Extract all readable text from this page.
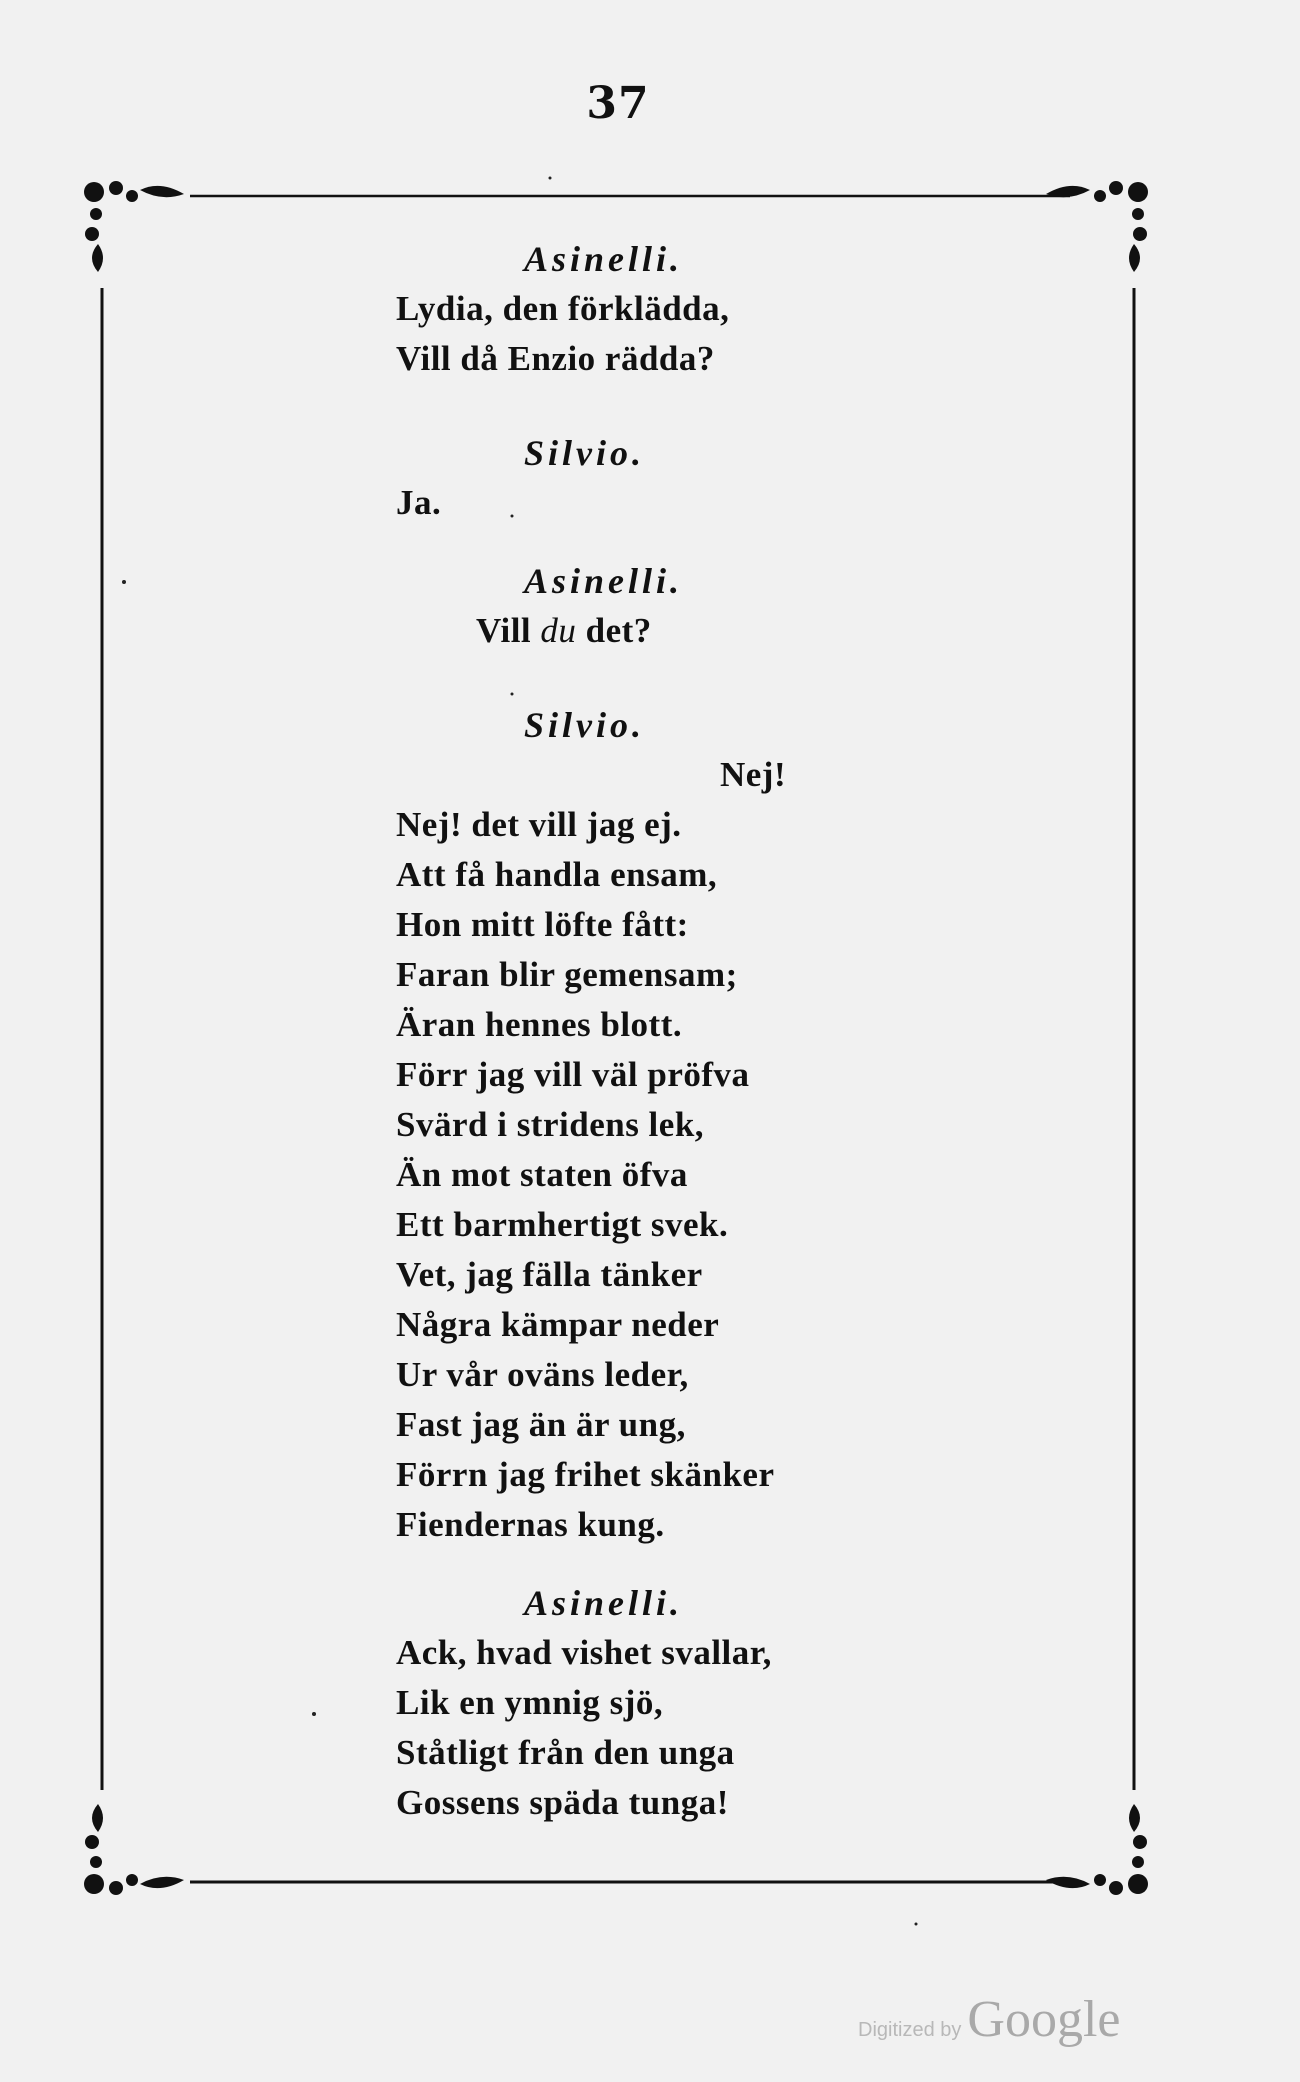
37
Asinelli.
Lydia, den förklädda,
Vill då Enzio rädda?
Silvio.
Ja.
Asinelli.
Vill du det?
Silvio.
Nej!
Nej! det vill jag ej.
Att få handla ensam,
Hon mitt löfte fått:
Faran blir gemensam;
Äran hennes blott.
Förr jag vill väl pröfva
Svärd i stridens lek,
Än mot staten öfva
Ett barmhertigt svek.
Vet, jag fälla tänker
Några kämpar neder
Ur vår oväns leder,
Fast jag än är ung,
Förrn jag frihet skänker
Fiendernas kung.
Asinelli.
Ack, hvad vishet svallar,
Lik en ymnig sjö,
Ståtligt från den unga
Gossens späda tunga!
Digitized by Google
